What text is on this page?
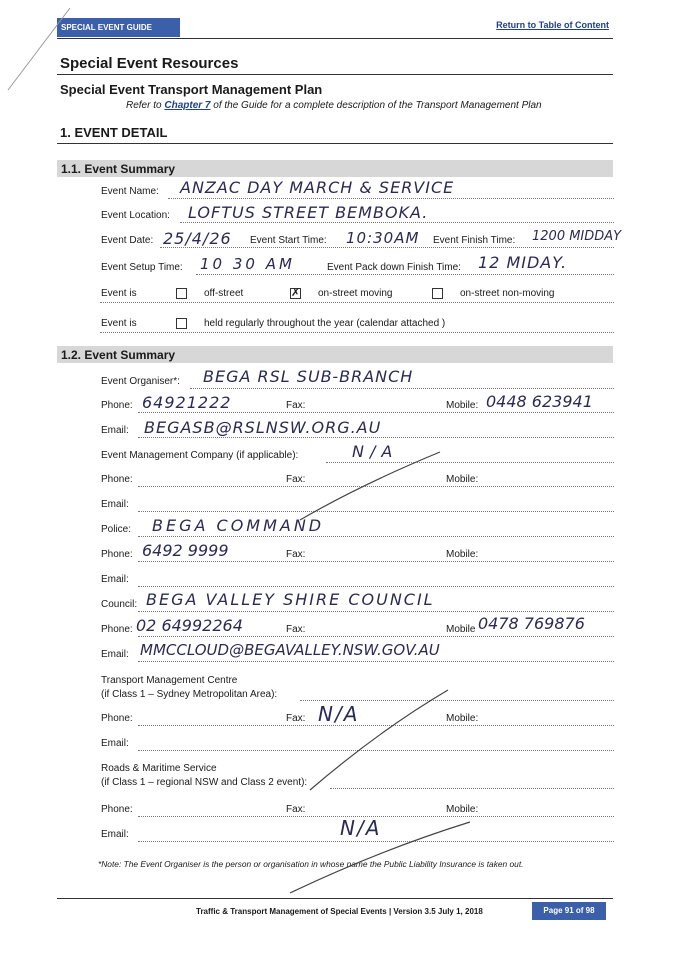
SPECIAL EVENT GUIDE	Return to Table of Content
Special Event Resources
Special Event Transport Management Plan
Refer to Chapter 7 of the Guide for a complete description of the Transport Management Plan
1. EVENT DETAIL
1.1. Event Summary
Event Name: ANZAC DAY MARCH & SERVICE
Event Location: LOFTUS STREET BEMBOKA.
Event Date: 25/4/26 Event Start Time: 10:30AM Event Finish Time: 1200 MIDDAY
Event Setup Time: 10 30 AM	Event Pack down Finish Time: 12 MIDAY.
Event is	off-street	✗ on-street moving	on-street non-moving
Event is	held regularly throughout the year (calendar attached )
1.2. Event Summary
Event Organiser*: BEGA RSL SUB-BRANCH
Phone: 64921222	Fax:	Mobile: 0448 623941
Email: BEGASB@RSLNSW.ORG.AU
Event Management Company (if applicable):	N/A
Phone:	Fax:	Mobile:
Email:
Police: BEGA COMMAND
Phone: 6492 9999	Fax:	Mobile:
Email:
Council: BEGA VALLEY SHIRE COUNCIL
Phone: 02 64992264	Fax:	Mobile 0478 769876
Email: MMCCLOUD@BEGAVALLEY.NSW.GOV.AU
Transport Management Centre
(if Class 1 – Sydney Metropolitan Area):
Phone:	Fax: N/A	Mobile:
Email:
Roads & Maritime Service
(if Class 1 – regional NSW and Class 2 event):
Phone:	Fax:	Mobile:
Email:	N/A
*Note: The Event Organiser is the person or organisation in whose name the Public Liability Insurance is taken out.
Traffic & Transport Management of Special Events | Version 3.5 July 1, 2018	Page 91 of 98
